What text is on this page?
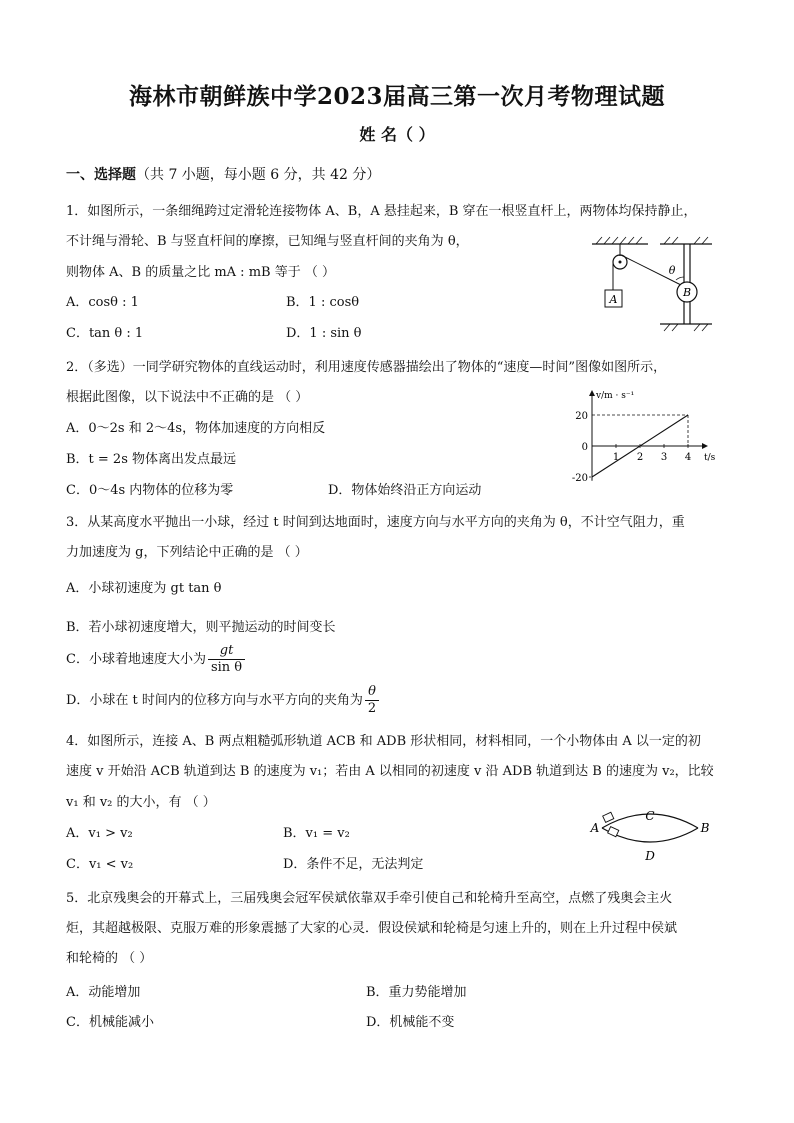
海林市朝鲜族中学2023届高三第一次月考物理试题
姓 名（ ）
一、选择题（共 7 小题，每小题 6 分，共 42 分）
1．如图所示，一条细绳跨过定滑轮连接物体 A、B，A 悬挂起来，B 穿在一根竖直杆上，两物体均保持静止，
不计绳与滑轮、B 与竖直杆间的摩擦，已知绳与竖直杆间的夹角为 θ，
则物体 A、B 的质量之比 mA : mB 等于 （ ）
A．cosθ : 1	B．1 : cosθ
C．tan θ : 1	D．1 : sin θ
A
B
θ
2．（多选）一同学研究物体的直线运动时，利用速度传感器描绘出了物体的“速度—时间”图像如图所示，
根据此图像，以下说法中不正确的是 （ ）
A．0～2s 和 2～4s，物体加速度的方向相反
B．t = 2s 物体离出发点最远
C．0～4s 内物体的位移为零	D．物体始终沿正方向运动
v/m · s⁻¹
t/s
1 2 3 4
20
0
-20
3．从某高度水平抛出一小球，经过 t 时间到达地面时，速度方向与水平方向的夹角为 θ，不计空气阻力，重
力加速度为 g，下列结论中正确的是 （ ）
A．小球初速度为 gt tan θ
B．若小球初速度增大，则平抛运动的时间变长
C．小球着地速度大小为 $\frac{gt}{\text{sin θ}}$
D．小球在 t 时间内的位移方向与水平方向的夹角为 $\frac{\theta}{2}$
4．如图所示，连接 A、B 两点粗糙弧形轨道 ACB 和 ADB 形状相同，材料相同，一个小物体由 A 以一定的初
速度 v 开始沿 ACB 轨道到达 B 的速度为 v₁；若由 A 以相同的初速度 v 沿 ADB 轨道到达 B 的速度为 v₂，比较
v₁ 和 v₂ 的大小，有 （ ）
A．v₁ > v₂	B．v₁ = v₂
C．v₁ < v₂	D．条件不足，无法判定
A	B
C
D
5．北京残奥会的开幕式上，三届残奥会冠军侯斌依靠双手牵引使自己和轮椅升至高空，点燃了残奥会主火
炬，其超越极限、克服万难的形象震撼了大家的心灵．假设侯斌和轮椅是匀速上升的，则在上升过程中侯斌
和轮椅的 （ ）
A．动能增加	B．重力势能增加
C．机械能减小	D．机械能不变
